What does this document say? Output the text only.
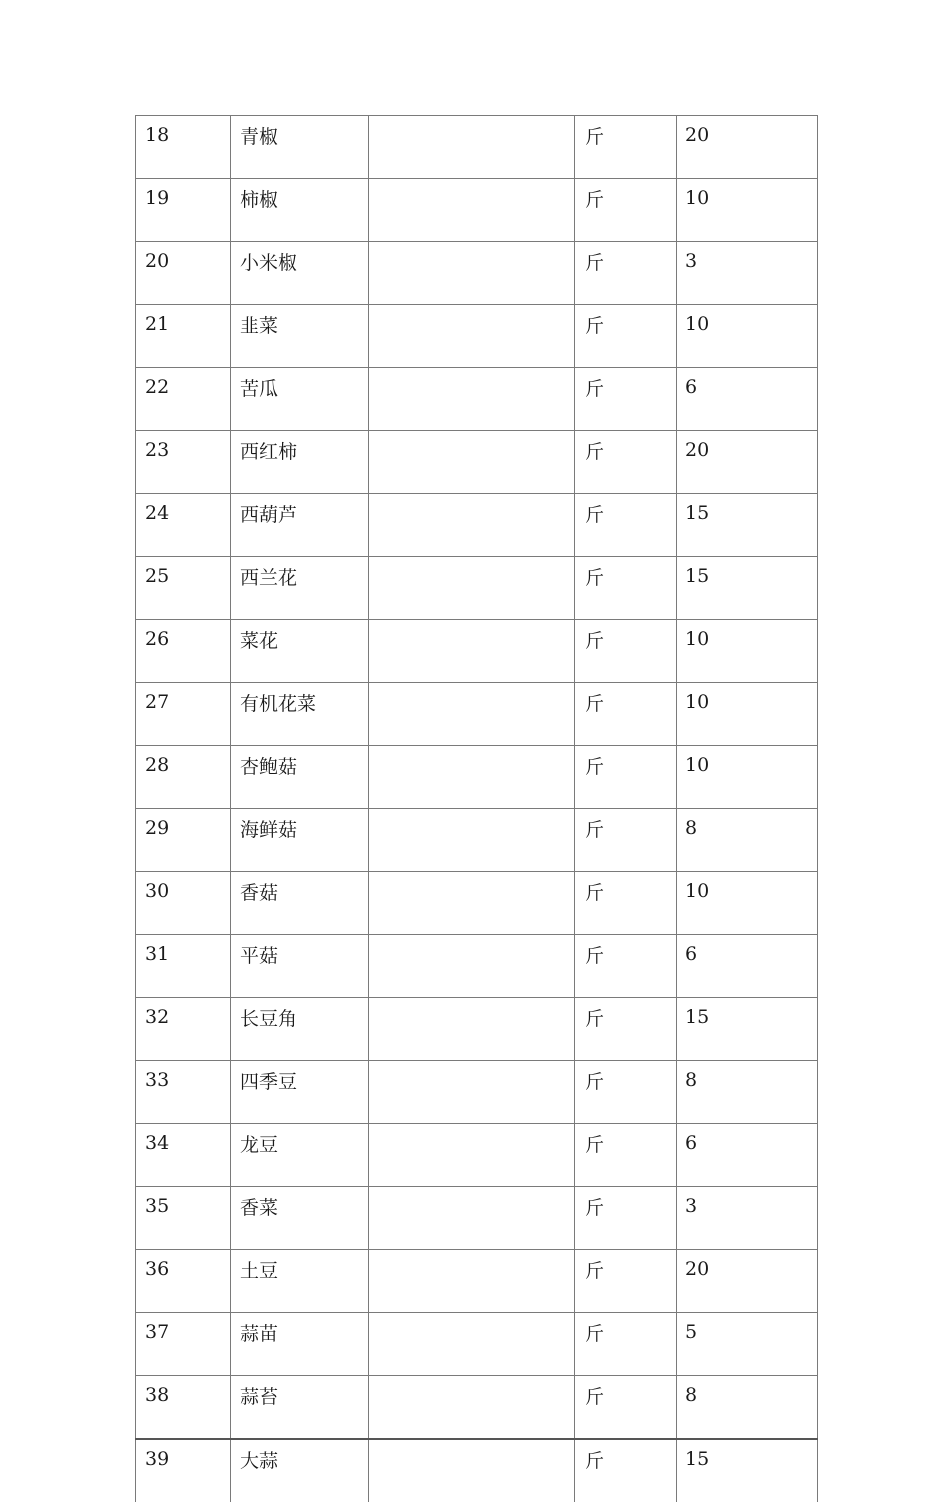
18	青椒		斤	20
19	柿椒		斤	10
20	小米椒		斤	3
21	韭菜		斤	10
22	苦瓜		斤	6
23	西红柿		斤	20
24	西葫芦		斤	15
25	西兰花		斤	15
26	菜花		斤	10
27	有机花菜		斤	10
28	杏鲍菇		斤	10
29	海鲜菇		斤	8
30	香菇		斤	10
31	平菇		斤	6
32	长豆角		斤	15
33	四季豆		斤	8
34	龙豆		斤	6
35	香菜		斤	3
36	土豆		斤	20
37	蒜苗		斤	5
38	蒜苔		斤	8
39	大蒜		斤	15
